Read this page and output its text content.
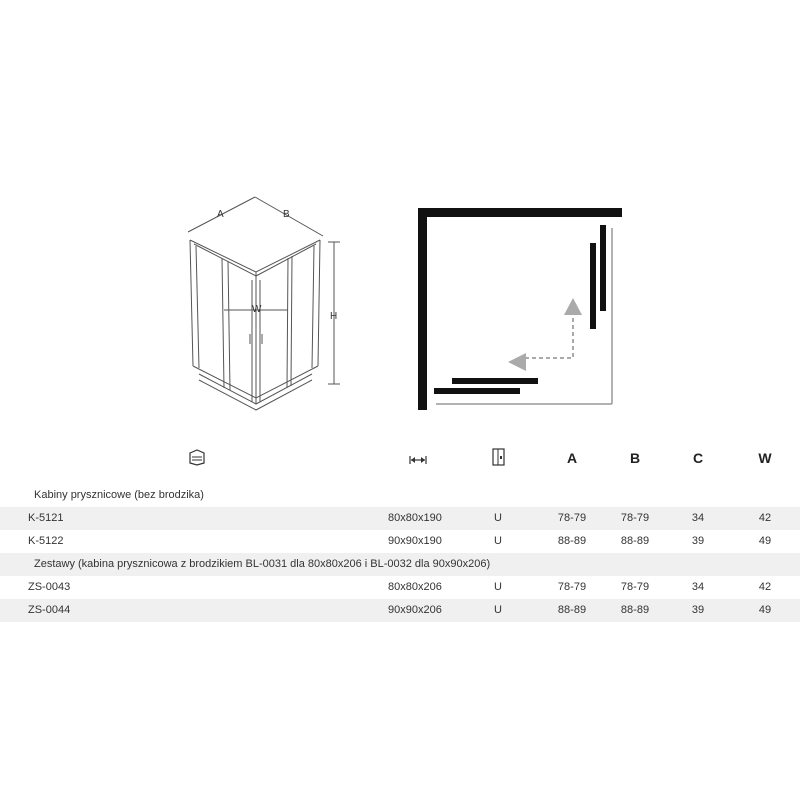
A	B
W
H
A	B	C	W
Kabiny prysznicowe (bez brodzika)
K-5121	80x80x190	U	78-79	78-79	34	42
K-5122	90x90x190	U	88-89	88-89	39	49
Zestawy (kabina prysznicowa z brodzikiem BL-0031 dla 80x80x206 i BL-0032 dla 90x90x206)
ZS-0043	80x80x206	U	78-79	78-79	34	42
ZS-0044	90x90x206	U	88-89	88-89	39	49
